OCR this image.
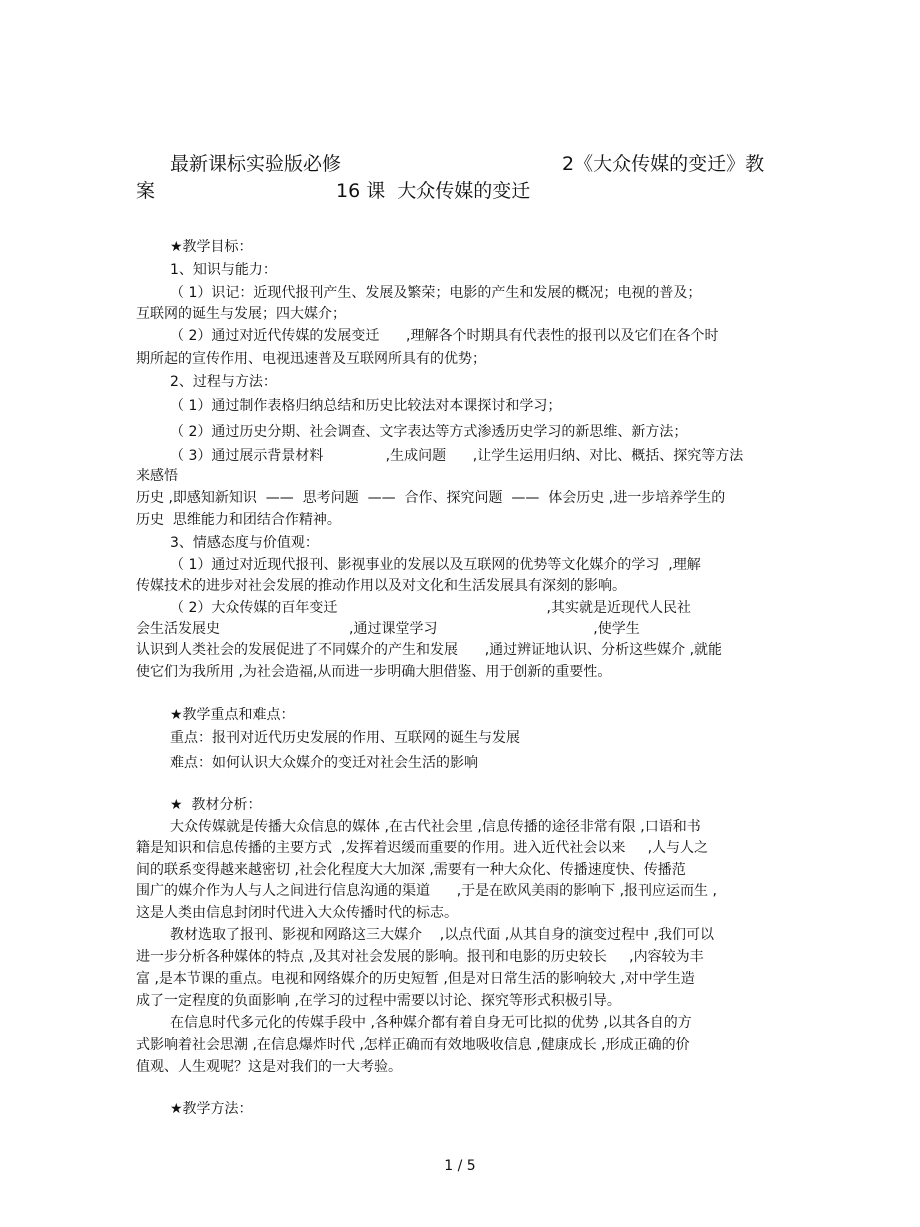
最新课标实验版必修	2《大众传媒的变迁》教
案	16 课  大众传媒的变迁
★教学目标：
1、知识与能力：
（ 1）识记：近现代报刊产生、发展及繁荣；电影的产生和发展的概况；电视的普及；
互联网的诞生与发展；四大媒介；
（ 2）通过对近代传媒的发展变迁      ,理解各个时期具有代表性的报刊以及它们在各个时
期所起的宣传作用、电视迅速普及互联网所具有的优势；
2、过程与方法：
（ 1）通过制作表格归纳总结和历史比较法对本课探讨和学习；
（ 2）通过历史分期、社会调查、文字表达等方式渗透历史学习的新思维、新方法；
（ 3）通过展示背景材料              ,生成问题      ,让学生运用归纳、对比、概括、探究等方法
来感悟
历史 ,即感知新知识  ——  思考问题  ——  合作、探究问题  ——  体会历史 ,进一步培养学生的
历史  思维能力和团结合作精神。
3、情感态度与价值观：
（ 1）通过对近现代报刊、影视事业的发展以及互联网的优势等文化媒介的学习  ,理解
传媒技术的进步对社会发展的推动作用以及对文化和生活发展具有深刻的影响。
（ 2）大众传媒的百年变迁                                               ,其实就是近现代人民社
会生活发展史                             ,通过课堂学习                                   ,使学生
认识到人类社会的发展促进了不同媒介的产生和发展      ,通过辨证地认识、分析这些媒介 ,就能
使它们为我所用 ,为社会造福,从而进一步明确大胆借鉴、用于创新的重要性。
★教学重点和难点：
重点：报刊对近代历史发展的作用、互联网的诞生与发展
难点：如何认识大众媒介的变迁对社会生活的影响
★  教材分析：
大众传媒就是传播大众信息的媒体 ,在古代社会里 ,信息传播的途径非常有限 ,口语和书
籍是知识和信息传播的主要方式  ,发挥着迟缓而重要的作用。进入近代社会以来     ,人与人之
间的联系变得越来越密切 ,社会化程度大大加深 ,需要有一种大众化、传播速度快、传播范
围广的媒介作为人与人之间进行信息沟通的渠道      ,于是在欧风美雨的影响下 ,报刊应运而生 ,
这是人类由信息封闭时代进入大众传播时代的标志。
教材选取了报刊、影视和网路这三大媒介    ,以点代面 ,从其自身的演变过程中 ,我们可以
进一步分析各种媒体的特点 ,及其对社会发展的影响。报刊和电影的历史较长     ,内容较为丰
富 ,是本节课的重点。电视和网络媒介的历史短暂 ,但是对日常生活的影响较大 ,对中学生造
成了一定程度的负面影响 ,在学习的过程中需要以讨论、探究等形式积极引导。
在信息时代多元化的传媒手段中 ,各种媒介都有着自身无可比拟的优势 ,以其各自的方
式影响着社会思潮 ,在信息爆炸时代 ,怎样正确而有效地吸收信息 ,健康成长 ,形成正确的价
值观、人生观呢？这是对我们的一大考验。
★教学方法：
1 / 5
